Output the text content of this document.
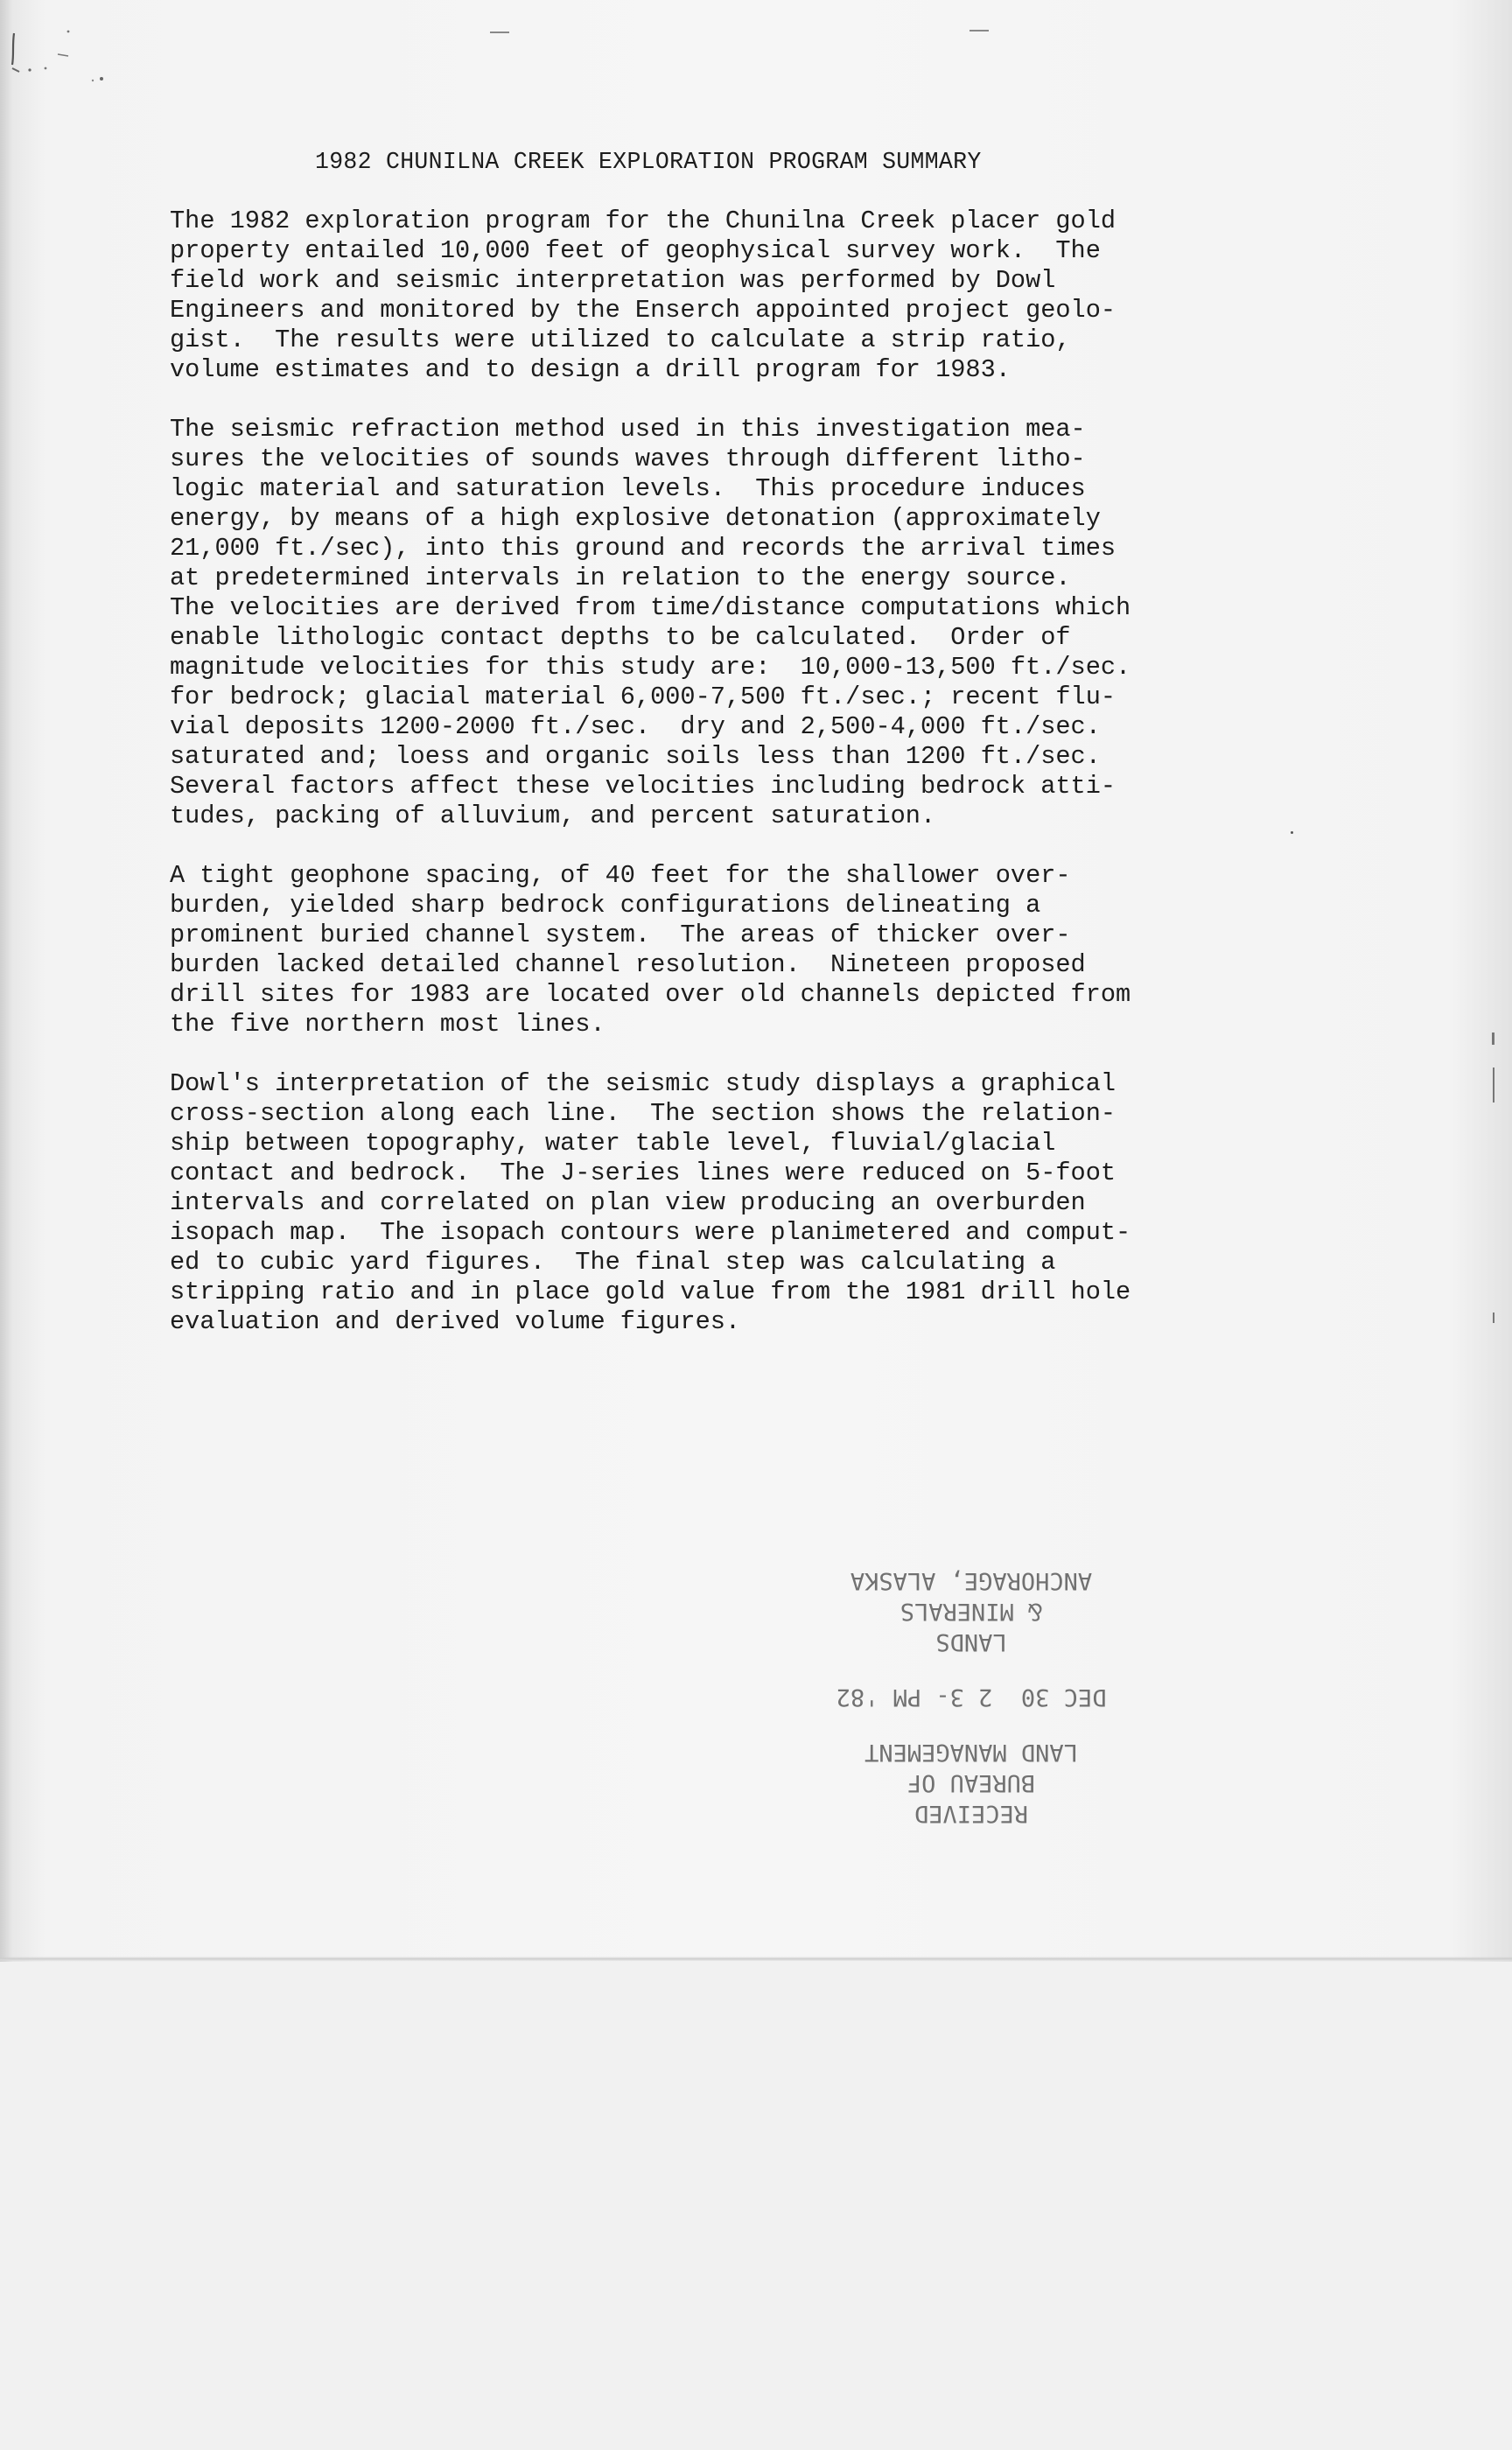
1982 CHUNILNA CREEK EXPLORATION PROGRAM SUMMARY
The 1982 exploration program for the Chunilna Creek placer gold
property entailed 10,000 feet of geophysical survey work.  The
field work and seismic interpretation was performed by Dowl
Engineers and monitored by the Enserch appointed project geolo-
gist.  The results were utilized to calculate a strip ratio,
volume estimates and to design a drill program for 1983.
The seismic refraction method used in this investigation mea-
sures the velocities of sounds waves through different litho-
logic material and saturation levels.  This procedure induces
energy, by means of a high explosive detonation (approximately
21,000 ft./sec), into this ground and records the arrival times
at predetermined intervals in relation to the energy source.
The velocities are derived from time/distance computations which
enable lithologic contact depths to be calculated.  Order of
magnitude velocities for this study are:  10,000-13,500 ft./sec.
for bedrock; glacial material 6,000-7,500 ft./sec.; recent flu-
vial deposits 1200-2000 ft./sec.  dry and 2,500-4,000 ft./sec.
saturated and; loess and organic soils less than 1200 ft./sec.
Several factors affect these velocities including bedrock atti-
tudes, packing of alluvium, and percent saturation.
A tight geophone spacing, of 40 feet for the shallower over-
burden, yielded sharp bedrock configurations delineating a
prominent buried channel system.  The areas of thicker over-
burden lacked detailed channel resolution.  Nineteen proposed
drill sites for 1983 are located over old channels depicted from
the five northern most lines.
Dowl's interpretation of the seismic study displays a graphical
cross-section along each line.  The section shows the relation-
ship between topography, water table level, fluvial/glacial
contact and bedrock.  The J-series lines were reduced on 5-foot
intervals and correlated on plan view producing an overburden
isopach map.  The isopach contours were planimetered and comput-
ed to cubic yard figures.  The final step was calculating a
stripping ratio and in place gold value from the 1981 drill hole
evaluation and derived volume figures.
RECEIVED
BUREAU OF
LAND MANAGEMENT
DEC 30  2 3- PM '82
LANDS
& MINERALS
ANCHORAGE, ALASKA
